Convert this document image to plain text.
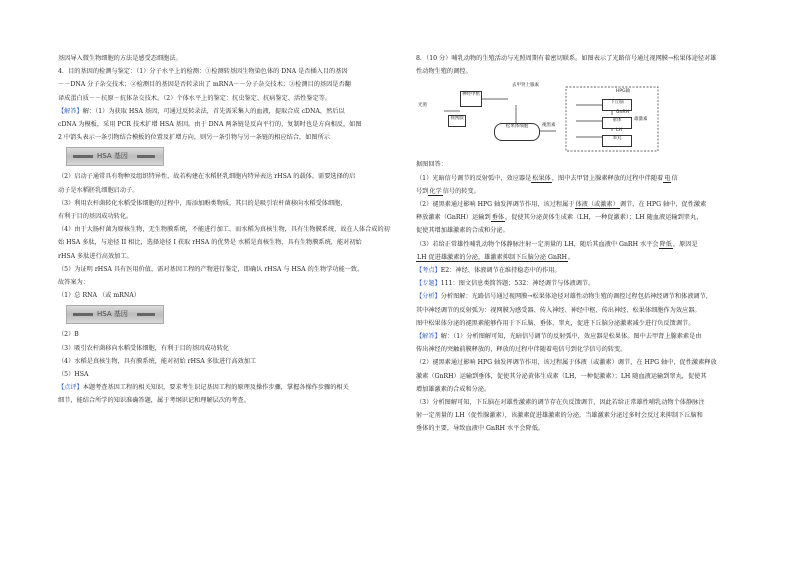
基因导入微生物细胞的方法是感受态细胞法。

4．目的基因的检测与鉴定：（1）分子水平上的检测：①检测转基因生物染色体的 DNA 是否插入目的基因

－－DNA 分子杂交技术；②检测目的基因是否转录出了 mRNA－－分子杂交技术；③检测目的基因是否翻

译成蛋白质－－抗原－抗体杂交技术。（2）个体水平上的鉴定：抗虫鉴定、抗病鉴定、活性鉴定等。

【解答】解：（1）为获取 HSA 基因，可通过反转录法，首先需采集人的血液，提取合成 cDNA，然后以

cDNA 为模板，采用 PCR 技术扩增 HSA 基因。由于 DNA 两条链是反向平行的，复制时也是方向相反，如图

2 中箭头表示一条引物结合模板的位置及扩增方向，则另一条引物与另一条链的相应结合，如图所示

HSA 基因

（2）启动子通常具有物种及组织特异性，故若构建在水稻胚乳细胞内特异表达 rHSA 的载体，需要选择的启

动子是水稻胚乳细胞启动子。

（3）利用农杆菌转化水稻受体细胞的过程中，需添加酚类物质，其目的是吸引农杆菌移向水稻受体细胞，

有利于目的基因成功转化。

（4）由于大肠杆菌为原核生物，无生物膜系统，不能进行加工，而水稻为真核生物，具有生物膜系统，故在人体合成的初

始 HSA 多肽，与途径 II 相比，选择途径 I 获取 rHSA 的优势是 水稻是真核生物，具有生物膜系统，能对初始

rHSA 多肽进行高效加工。

（5）为证明 rHSA 具有医用价值，需对基因工程的产物进行鉴定，即确认 rHSA 与 HSA 的生物学功能一致。

故答案为：

（1）总 RNA （或 mRNA）

HSA 基因

（2）B

（3）吸引农杆菌移向水稻受体细胞，有利于目的基因成功转化

（4）水稻是真核生物，具有膜系统，能对初始 rHSA 多肽进行高效加工

（5）HSA

【点评】本题考查基因工程的相关知识，要求考生识记基因工程的原理及操作步骤，掌握各操作步骤的相关

细节，能结合所学的知识准确答题，属于考纲识记和理解层次的考查。

8．（10 分）哺乳动物的生殖活动与光照周期有着密切联系。如图表示了光路信号通过视网膜→松果体途径对雄

性动物生殖的调控。

光照
神经中枢
去甲肾上腺素
视网膜
松果体细胞	褪黑素
HPG轴
下丘脑
GnRH
垂体
LH
睾丸
雄激素

据图回答：

（1）光暗信号调节的反射弧中，效应器是松果体，图中去甲肾上腺素释放的过程中伴随着电信

号到化学信号的转变。

（2）褪黑素通过影响 HPG 轴发挥调节作用，该过程属于体液（或激素）调节，在 HPG 轴中，促性激素

释放激素（GnRH）运输到垂体，促使其分泌黄体生成素（LH，一种促激素）；LH 随血液运输到睾丸，

促使其增加雄激素的合成和分泌。

（3）若给正常雄性哺乳动物个体静脉注射一定剂量的 LH，随后其血液中 GnRH 水平会降低，原因是

LH 促进雄激素的分泌，雄激素抑制下丘脑分泌 GnRH。

【考点】E2：神经、体液调节在维持稳态中的作用。

【专题】111：图文信息类简答题；532：神经调节与体液调节。

【分析】分析图解：光路信号通过视网膜→松果体途径对雄性动物生殖的调控过程包括神经调节和体液调节，

其中神经调节的反射弧为：视网膜为感受器、传入神经、神经中枢、传出神经、松果体细胞作为效应器。

图中松果体分泌的褪黑素能够作用于下丘脑、垂体、睾丸，促进下丘脑分泌激素减少进行负反馈调节。

【解答】解：（1）分析图解可知，光暗信号调节的反射弧中，效应器是松果体。图中去甲肾上腺素素是由

传出神经的突触前膜释放的，释放的过程中伴随着电信号到化学信号的转变。

（2）褪黑素通过影响 HPG 轴发挥调节作用，该过程属于体液（或激素）调节，在 HPG 轴中，促性激素释放

激素（GnRH）运输到垂体，促使其分泌黄体生成素（LH，一种促激素）；LH 随血液运输到睾丸，促使其

增加雄激素的合成和分泌。

（3）分析图解可知，下丘脑在对雄性激素的调节存在负反馈调节，因此若给正常雄性哺乳动物个体静脉注

射一定剂量的 LH（促性腺激素），该激素促进雄激素的分泌，当雄激素分泌过多时会反过来抑制下丘脑和

垂体的主要，导致血液中 GnRH 水平会降低。
